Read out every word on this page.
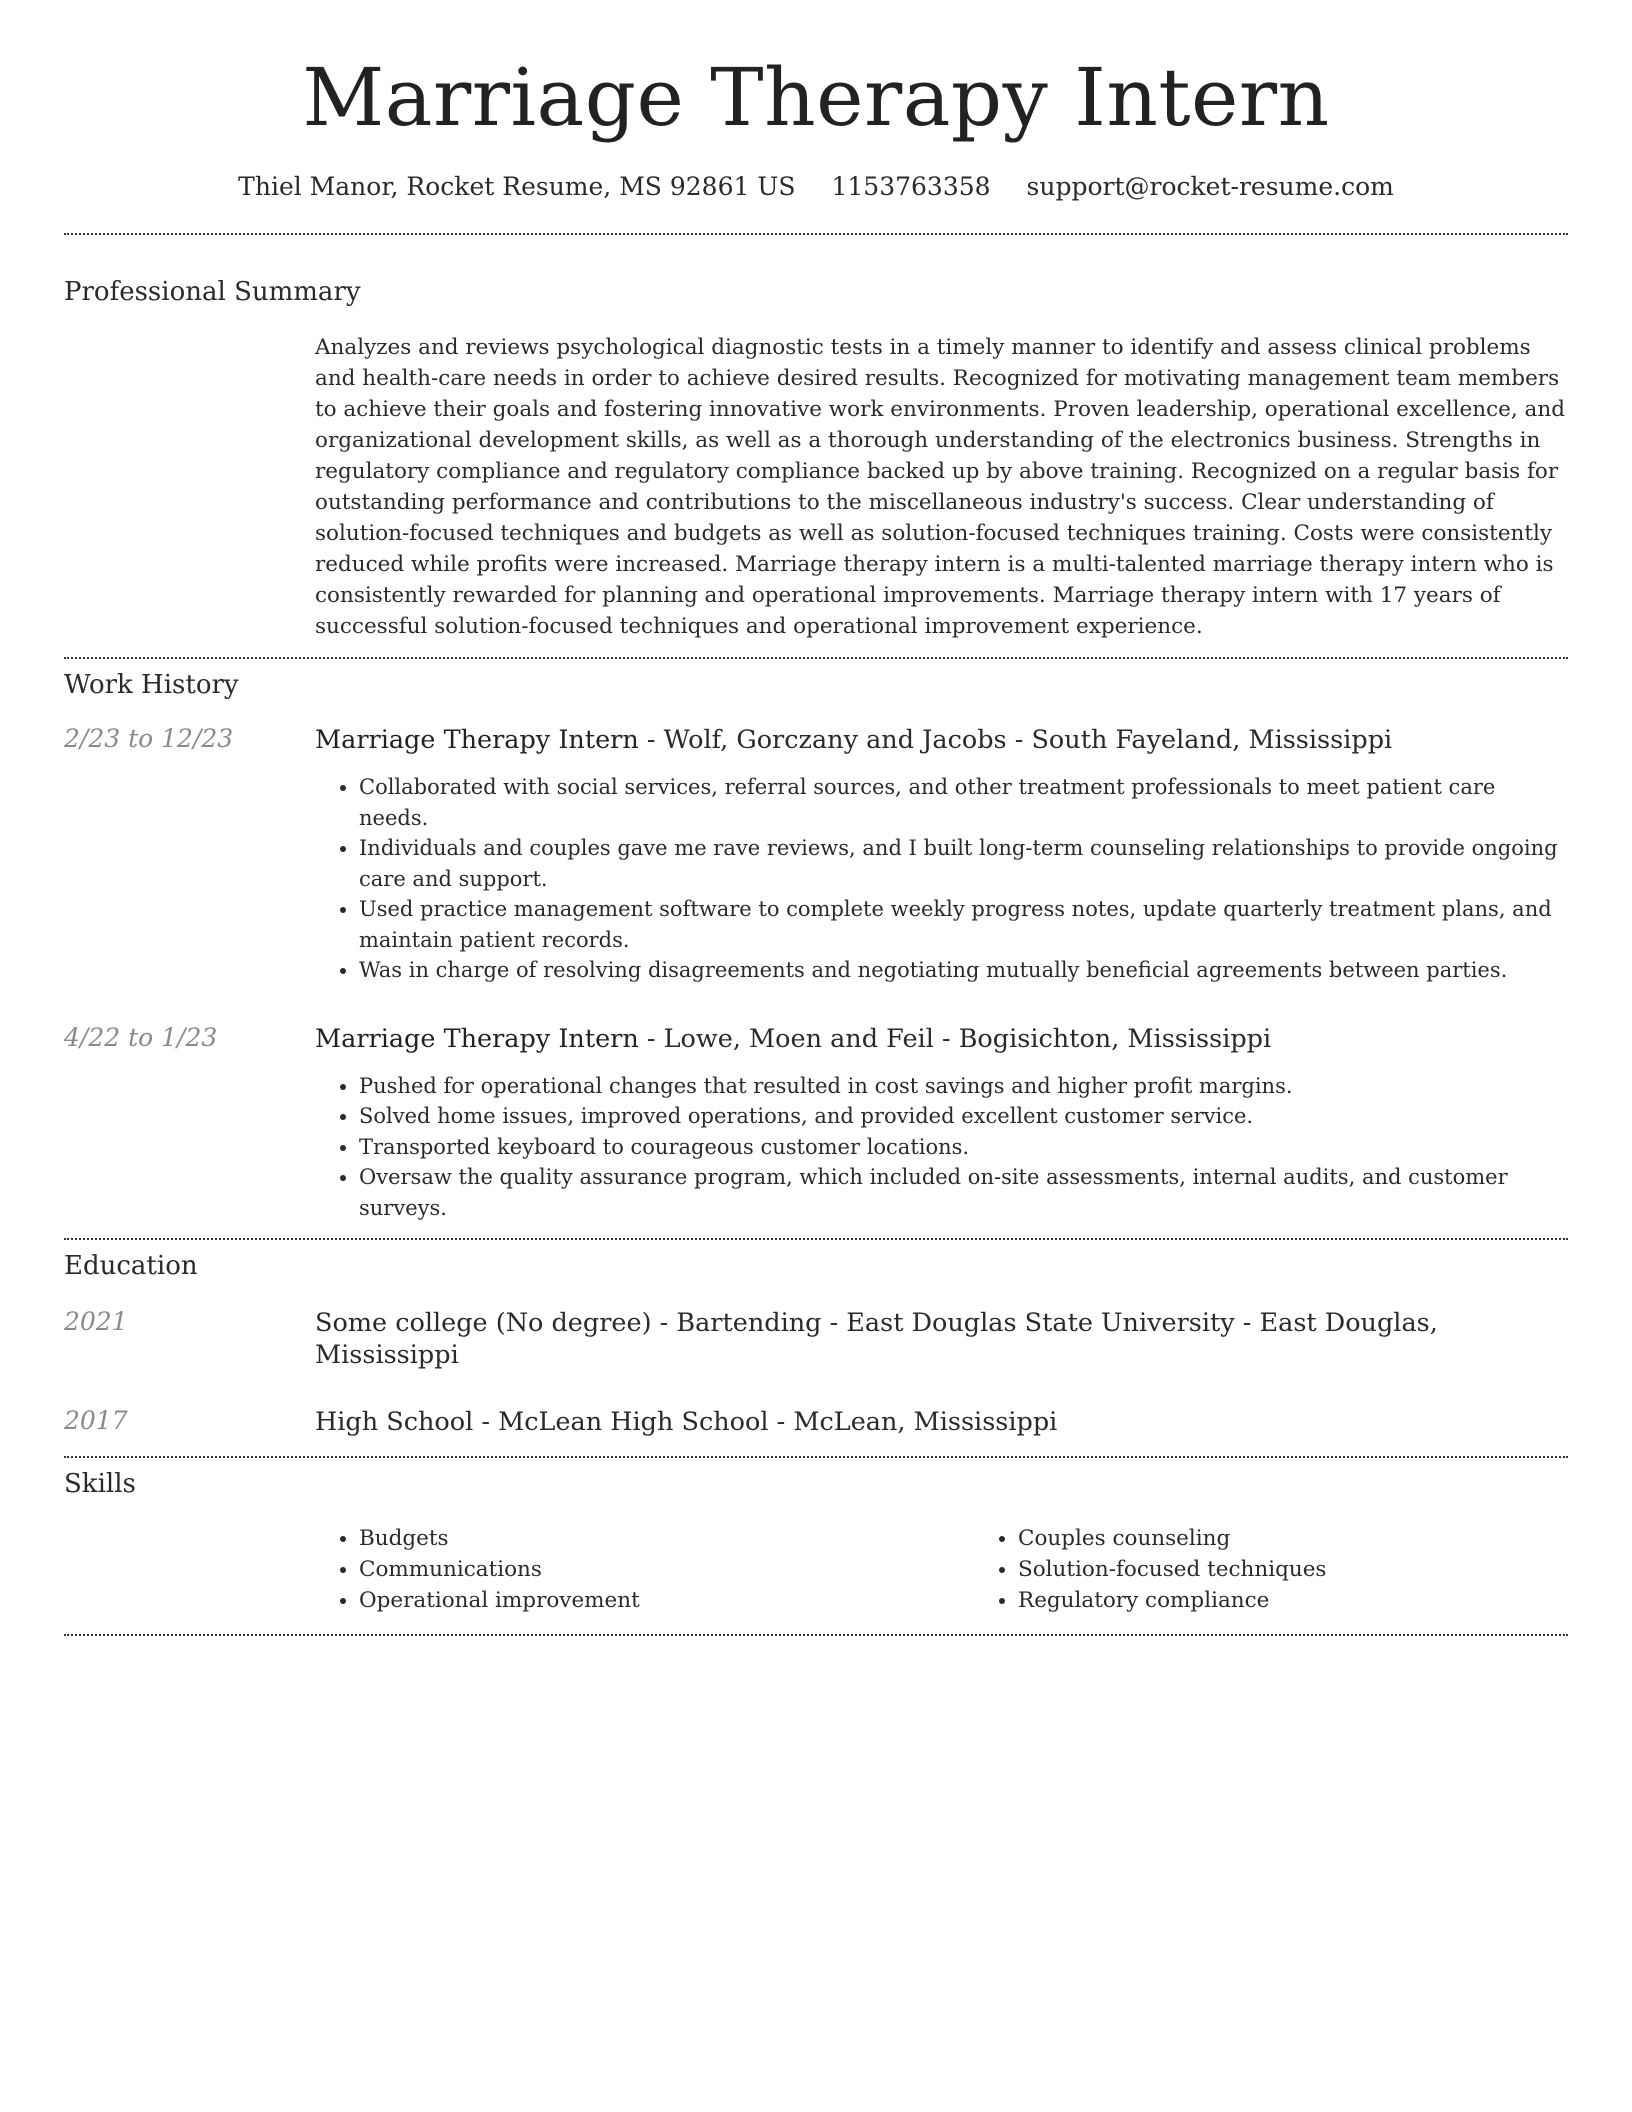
Marriage Therapy Intern
Thiel Manor, Rocket Resume, MS 92861 US 1153763358 support@rocket-resume.com
Professional Summary

Analyzes and reviews psychological diagnostic tests in a timely manner to identify and assess clinical problems and health-care needs in order to achieve desired results. Recognized for motivating management team members to achieve their goals and fostering innovative work environments. Proven leadership, operational excellence, and organizational development skills, as well as a thorough understanding of the electronics business. Strengths in regulatory compliance and regulatory compliance backed up by above training. Recognized on a regular basis for outstanding performance and contributions to the miscellaneous industry's success. Clear understanding of solution-focused techniques and budgets as well as solution-focused techniques training. Costs were consistently reduced while profits were increased. Marriage therapy intern is a multi-talented marriage therapy intern who is consistently rewarded for planning and operational improvements. Marriage therapy intern with 17 years of successful solution-focused techniques and operational improvement experience.

Work History
2/23 to 12/23	Marriage Therapy Intern - Wolf, Gorczany and Jacobs - South Fayeland, Mississippi
• Collaborated with social services, referral sources, and other treatment professionals to meet patient care needs.
• Individuals and couples gave me rave reviews, and I built long-term counseling relationships to provide ongoing care and support.
• Used practice management software to complete weekly progress notes, update quarterly treatment plans, and maintain patient records.
• Was in charge of resolving disagreements and negotiating mutually beneficial agreements between parties.
4/22 to 1/23	Marriage Therapy Intern - Lowe, Moen and Feil - Bogisichton, Mississippi
• Pushed for operational changes that resulted in cost savings and higher profit margins.
• Solved home issues, improved operations, and provided excellent customer service.
• Transported keyboard to courageous customer locations.
• Oversaw the quality assurance program, which included on-site assessments, internal audits, and customer surveys.
Education
2021	Some college (No degree) - Bartending - East Douglas State University - East Douglas, Mississippi
2017	High School - McLean High School - McLean, Mississippi
Skills
• Budgets
• Communications
• Operational improvement
• Couples counseling
• Solution-focused techniques
• Regulatory compliance
